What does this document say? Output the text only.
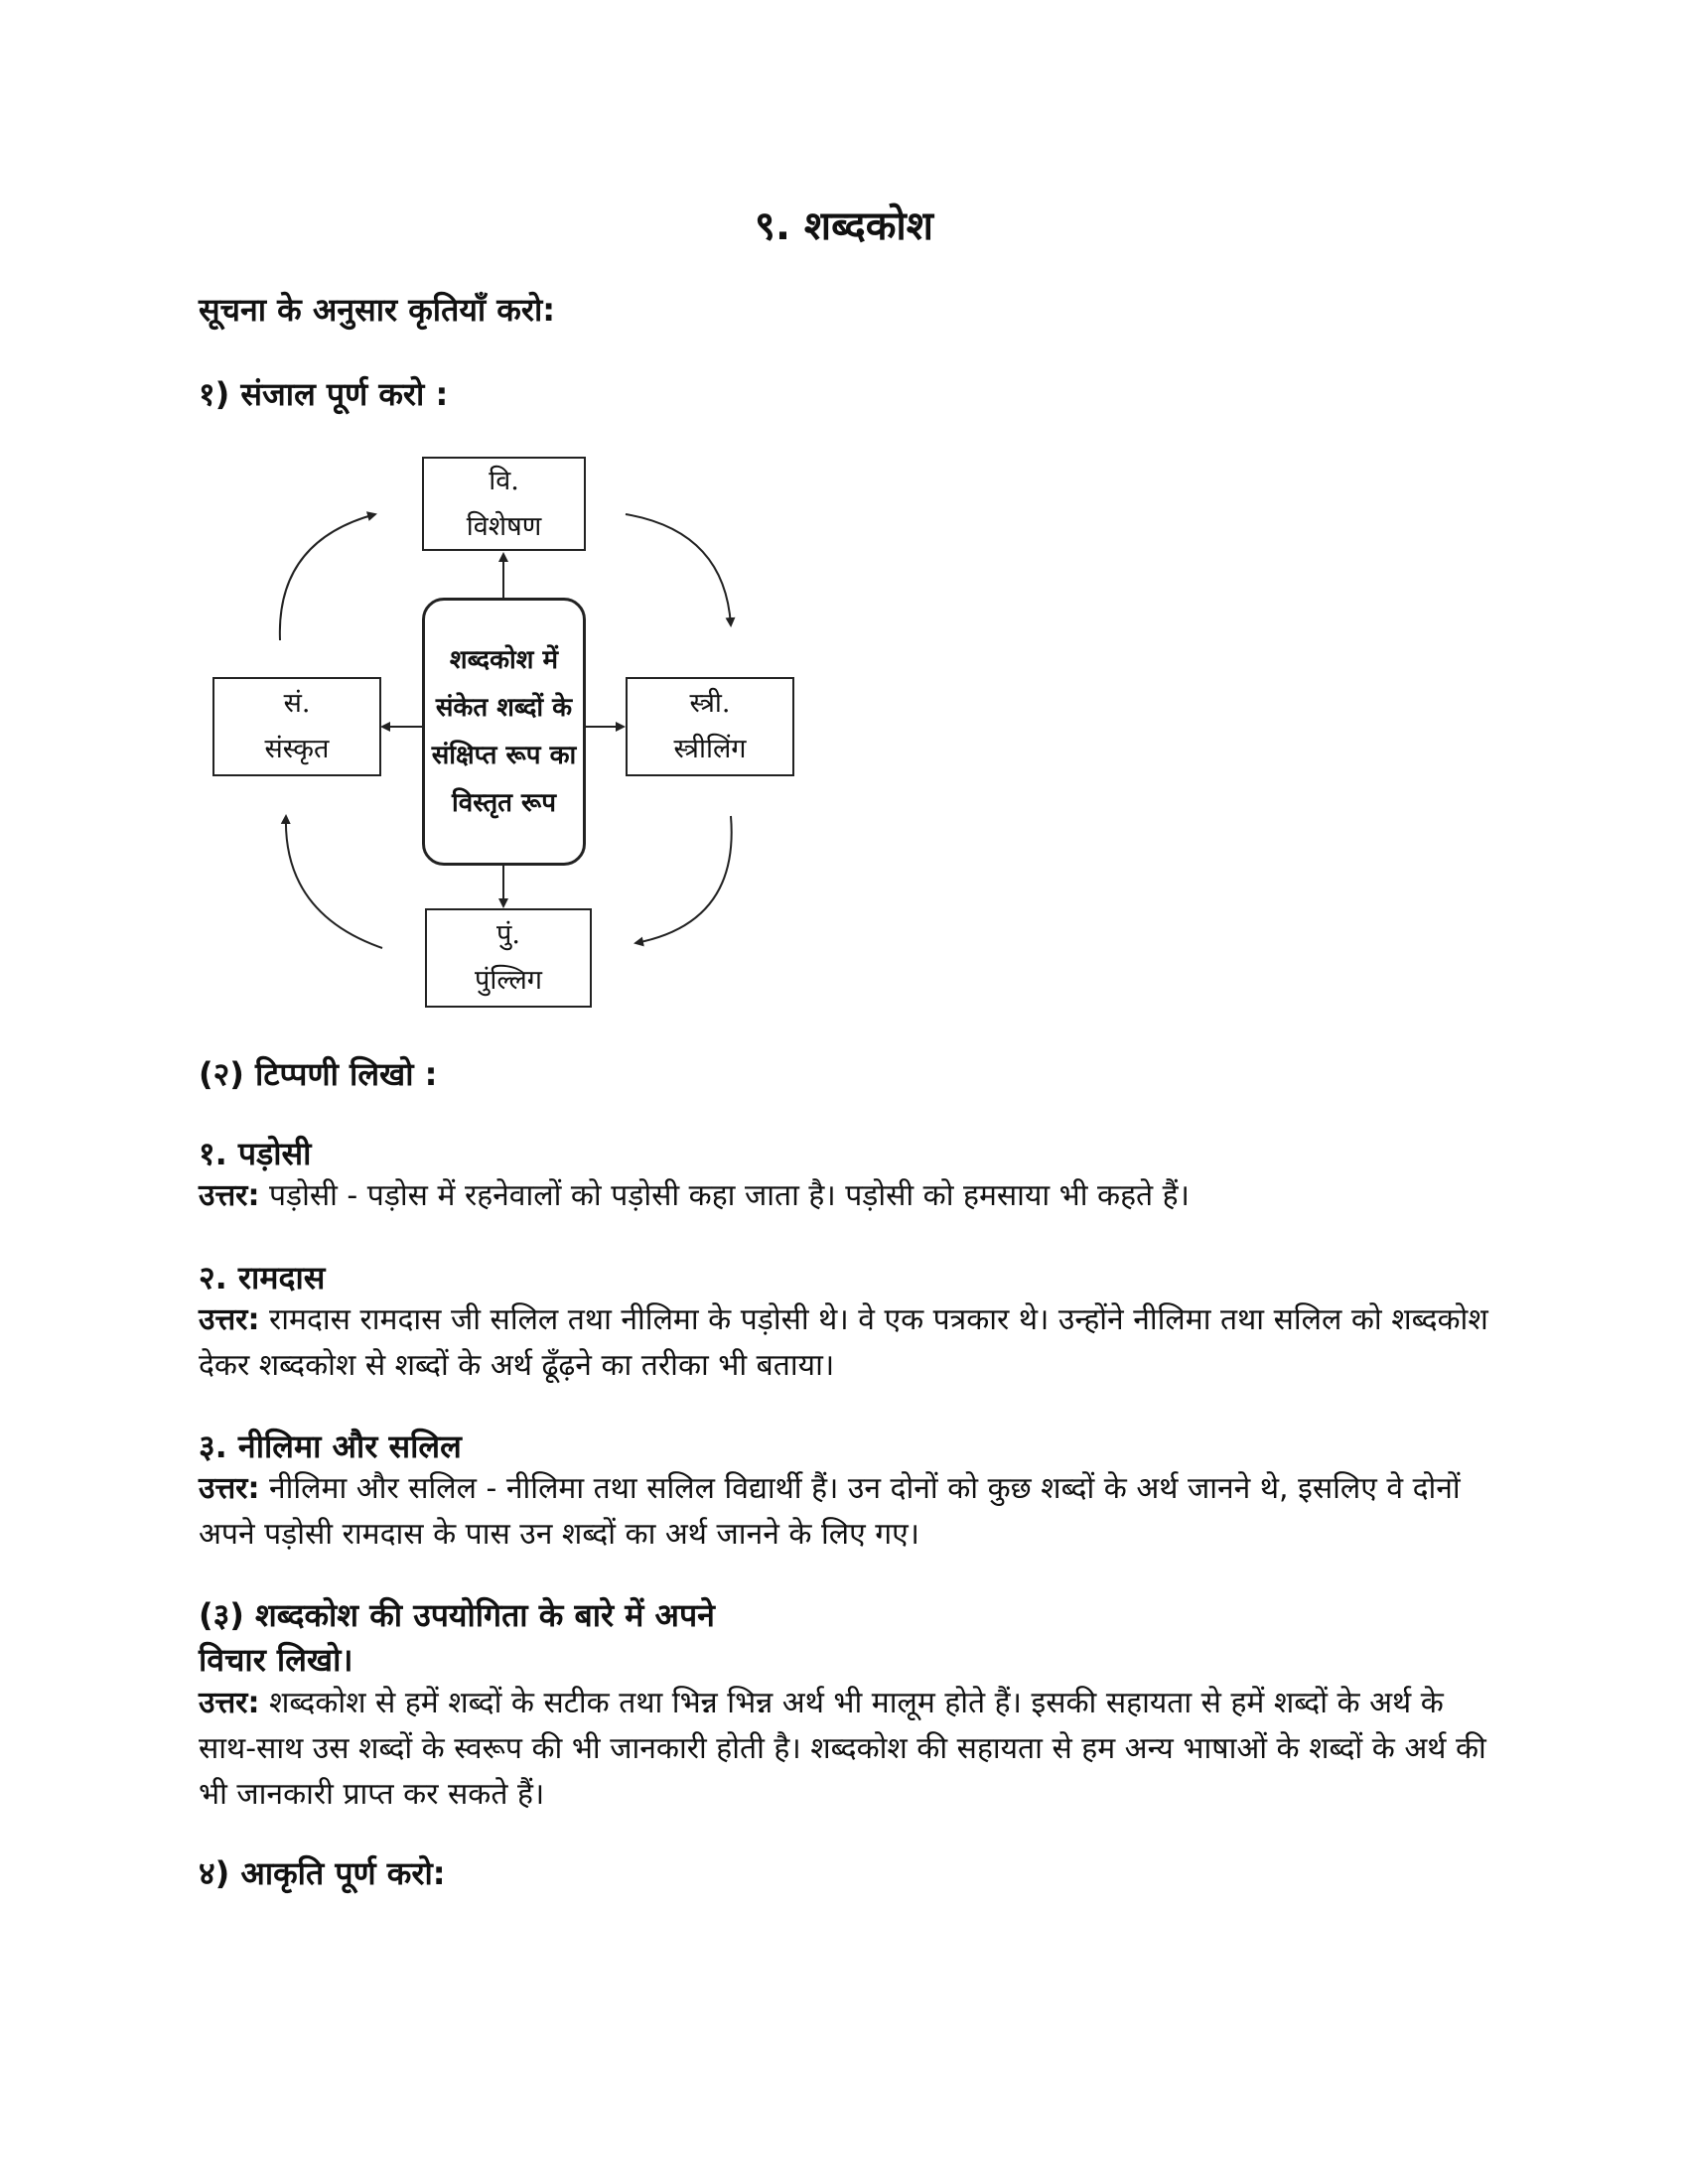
९. शब्दकोश

सूचना के अनुसार कृतियाँ करो:

१) संजाल पूर्ण करो :

वि.
विशेषण
स्त्री.
स्त्रीलिंग
पुं.
पुंल्लिग
सं.
संस्कृत
शब्दकोश में संकेत शब्दों के संक्षिप्त रूप का विस्तृत रूप

(२) टिप्पणी लिखो :

१. पड़ोसी

उत्तर: पड़ोसी - पड़ोस में रहनेवालों को पड़ोसी कहा जाता है। पड़ोसी को हमसाया भी कहते हैं।

२. रामदास

उत्तर: रामदास रामदास जी सलिल तथा नीलिमा के पड़ोसी थे। वे एक पत्रकार थे। उन्होंने नीलिमा तथा सलिल को शब्दकोश देकर शब्दकोश से शब्दों के अर्थ ढूँढ़ने का तरीका भी बताया।

३. नीलिमा और सलिल

उत्तर: नीलिमा और सलिल - नीलिमा तथा सलिल विद्यार्थी हैं। उन दोनों को कुछ शब्दों के अर्थ जानने थे, इसलिए वे दोनों अपने पड़ोसी रामदास के पास उन शब्दों का अर्थ जानने के लिए गए।

(३) शब्दकोश की उपयोगिता के बारे में अपने

विचार लिखो।

उत्तर: शब्दकोश से हमें शब्दों के सटीक तथा भिन्न भिन्न अर्थ भी मालूम होते हैं। इसकी सहायता से हमें शब्दों के अर्थ के साथ-साथ उस शब्दों के स्वरूप की भी जानकारी होती है। शब्दकोश की सहायता से हम अन्य भाषाओं के शब्दों के अर्थ की भी जानकारी प्राप्त कर सकते हैं।

४) आकृति पूर्ण करो:
